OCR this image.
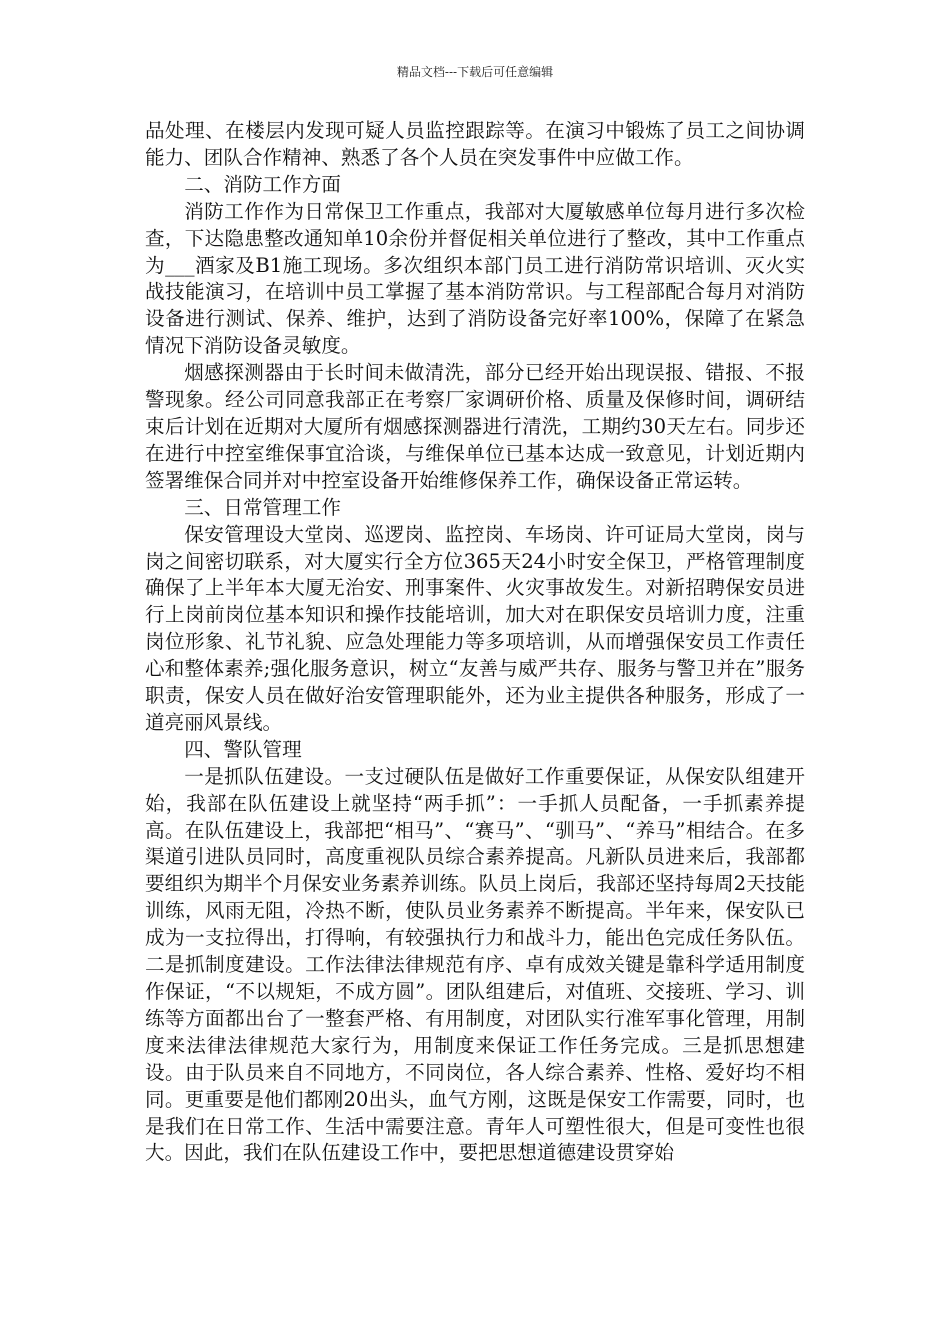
精品文档---下载后可任意编辑

品处理、在楼层内发现可疑人员监控跟踪等。在演习中锻炼了员工之间协调能力、团队合作精神、熟悉了各个人员在突发事件中应做工作。

二、消防工作方面

消防工作作为日常保卫工作重点，我部对大厦敏感单位每月进行多次检查，下达隐患整改通知单10余份并督促相关单位进行了整改，其中工作重点为___酒家及B1施工现场。多次组织本部门员工进行消防常识培训、灭火实战技能演习，在培训中员工掌握了基本消防常识。与工程部配合每月对消防设备进行测试、保养、维护，达到了消防设备完好率100%，保障了在紧急情况下消防设备灵敏度。

烟感探测器由于长时间未做清洗，部分已经开始出现误报、错报、不报警现象。经公司同意我部正在考察厂家调研价格、质量及保修时间，调研结束后计划在近期对大厦所有烟感探测器进行清洗，工期约30天左右。同步还在进行中控室维保事宜洽谈，与维保单位已基本达成一致意见，计划近期内签署维保合同并对中控室设备开始维修保养工作，确保设备正常运转。

三、日常管理工作

保安管理设大堂岗、巡逻岗、监控岗、车场岗、许可证局大堂岗，岗与岗之间密切联系，对大厦实行全方位365天24小时安全保卫，严格管理制度确保了上半年本大厦无治安、刑事案件、火灾事故发生。对新招聘保安员进行上岗前岗位基本知识和操作技能培训，加大对在职保安员培训力度，注重岗位形象、礼节礼貌、应急处理能力等多项培训，从而增强保安员工作责任心和整体素养;强化服务意识，树立“友善与威严共存、服务与警卫并在”服务职责，保安人员在做好治安管理职能外，还为业主提供各种服务，形成了一道亮丽风景线。

四、警队管理

一是抓队伍建设。一支过硬队伍是做好工作重要保证，从保安队组建开始，我部在队伍建设上就坚持“两手抓”：一手抓人员配备，一手抓素养提高。在队伍建设上，我部把“相马”、“赛马”、“驯马”、“养马”相结合。在多渠道引进队员同时，高度重视队员综合素养提高。凡新队员进来后，我部都要组织为期半个月保安业务素养训练。队员上岗后，我部还坚持每周2天技能训练，风雨无阻，冷热不断，使队员业务素养不断提高。半年来，保安队已成为一支拉得出，打得响，有较强执行力和战斗力，能出色完成任务队伍。二是抓制度建设。工作法律法律规范有序、卓有成效关键是靠科学适用制度作保证，“不以规矩，不成方圆”。团队组建后，对值班、交接班、学习、训练等方面都出台了一整套严格、有用制度，对团队实行准军事化管理，用制度来法律法律规范大家行为，用制度来保证工作任务完成。三是抓思想建设。由于队员来自不同地方，不同岗位，各人综合素养、性格、爱好均不相同。更重要是他们都刚20出头，血气方刚，这既是保安工作需要，同时，也是我们在日常工作、生活中需要注意。青年人可塑性很大，但是可变性也很大。因此，我们在队伍建设工作中，要把思想道德建设贯穿始
